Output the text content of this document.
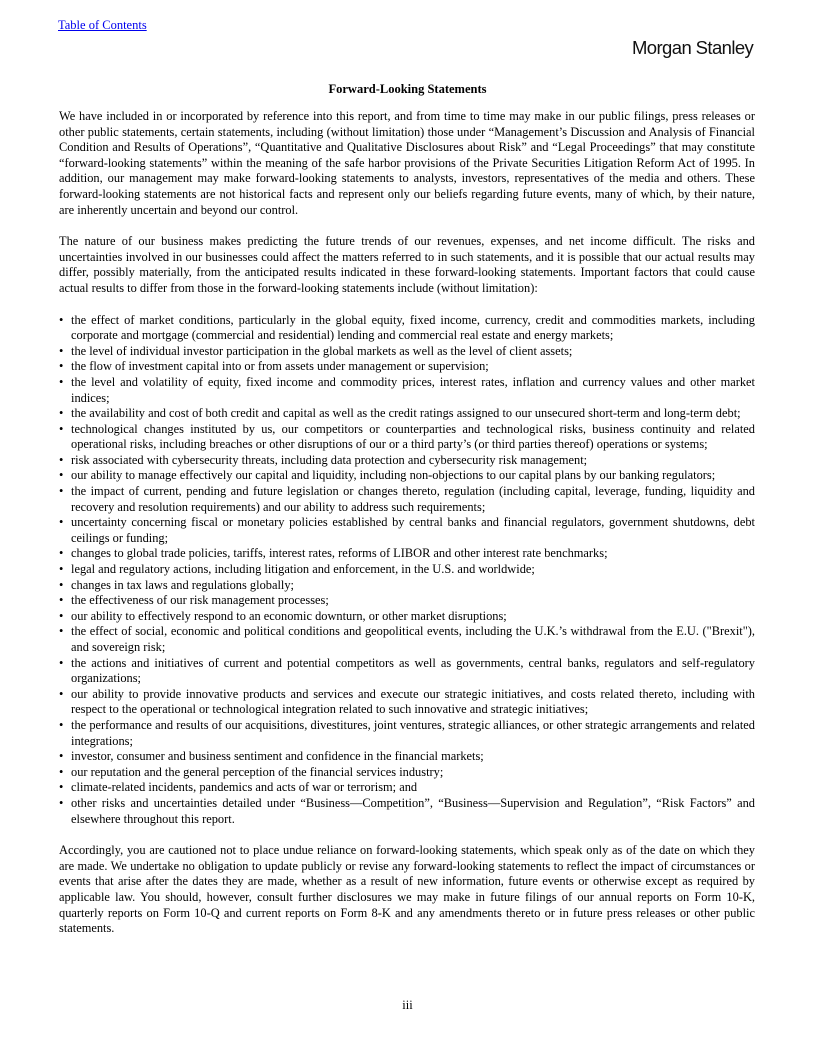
Table of Contents
Morgan Stanley
Forward-Looking Statements

We have included in or incorporated by reference into this report, and from time to time may make in our public filings, press releases or other public statements, certain statements, including (without limitation) those under “Management’s Discussion and Analysis of Financial Condition and Results of Operations”, “Quantitative and Qualitative Disclosures about Risk” and “Legal Proceedings” that may constitute “forward-looking statements” within the meaning of the safe harbor provisions of the Private Securities Litigation Reform Act of 1995. In addition, our management may make forward-looking statements to analysts, investors, representatives of the media and others. These forward-looking statements are not historical facts and represent only our beliefs regarding future events, many of which, by their nature, are inherently uncertain and beyond our control.

The nature of our business makes predicting the future trends of our revenues, expenses, and net income difficult. The risks and uncertainties involved in our businesses could affect the matters referred to in such statements, and it is possible that our actual results may differ, possibly materially, from the anticipated results indicated in these forward-looking statements. Important factors that could cause actual results to differ from those in the forward-looking statements include (without limitation):

• the effect of market conditions, particularly in the global equity, fixed income, currency, credit and commodities markets, including corporate and mortgage (commercial and residential) lending and commercial real estate and energy markets;
• the level of individual investor participation in the global markets as well as the level of client assets;
• the flow of investment capital into or from assets under management or supervision;
• the level and volatility of equity, fixed income and commodity prices, interest rates, inflation and currency values and other market indices;
• the availability and cost of both credit and capital as well as the credit ratings assigned to our unsecured short-term and long-term debt;
• technological changes instituted by us, our competitors or counterparties and technological risks, business continuity and related operational risks, including breaches or other disruptions of our or a third party’s (or third parties thereof) operations or systems;
• risk associated with cybersecurity threats, including data protection and cybersecurity risk management;
• our ability to manage effectively our capital and liquidity, including non-objections to our capital plans by our banking regulators;
• the impact of current, pending and future legislation or changes thereto, regulation (including capital, leverage, funding, liquidity and recovery and resolution requirements) and our ability to address such requirements;
• uncertainty concerning fiscal or monetary policies established by central banks and financial regulators, government shutdowns, debt ceilings or funding;
• changes to global trade policies, tariffs, interest rates, reforms of LIBOR and other interest rate benchmarks;
• legal and regulatory actions, including litigation and enforcement, in the U.S. and worldwide;
• changes in tax laws and regulations globally;
• the effectiveness of our risk management processes;
• our ability to effectively respond to an economic downturn, or other market disruptions;
• the effect of social, economic and political conditions and geopolitical events, including the U.K.’s withdrawal from the E.U. ("Brexit"), and sovereign risk;
• the actions and initiatives of current and potential competitors as well as governments, central banks, regulators and self-regulatory organizations;
• our ability to provide innovative products and services and execute our strategic initiatives, and costs related thereto, including with respect to the operational or technological integration related to such innovative and strategic initiatives;
• the performance and results of our acquisitions, divestitures, joint ventures, strategic alliances, or other strategic arrangements and related integrations;
• investor, consumer and business sentiment and confidence in the financial markets;
• our reputation and the general perception of the financial services industry;
• climate-related incidents, pandemics and acts of war or terrorism; and
• other risks and uncertainties detailed under “Business—Competition”, “Business—Supervision and Regulation”, “Risk Factors” and elsewhere throughout this report.

Accordingly, you are cautioned not to place undue reliance on forward-looking statements, which speak only as of the date on which they are made. We undertake no obligation to update publicly or revise any forward-looking statements to reflect the impact of circumstances or events that arise after the dates they are made, whether as a result of new information, future events or otherwise except as required by applicable law. You should, however, consult further disclosures we may make in future filings of our annual reports on Form 10-K, quarterly reports on Form 10-Q and current reports on Form 8-K and any amendments thereto or in future press releases or other public statements.

iii
